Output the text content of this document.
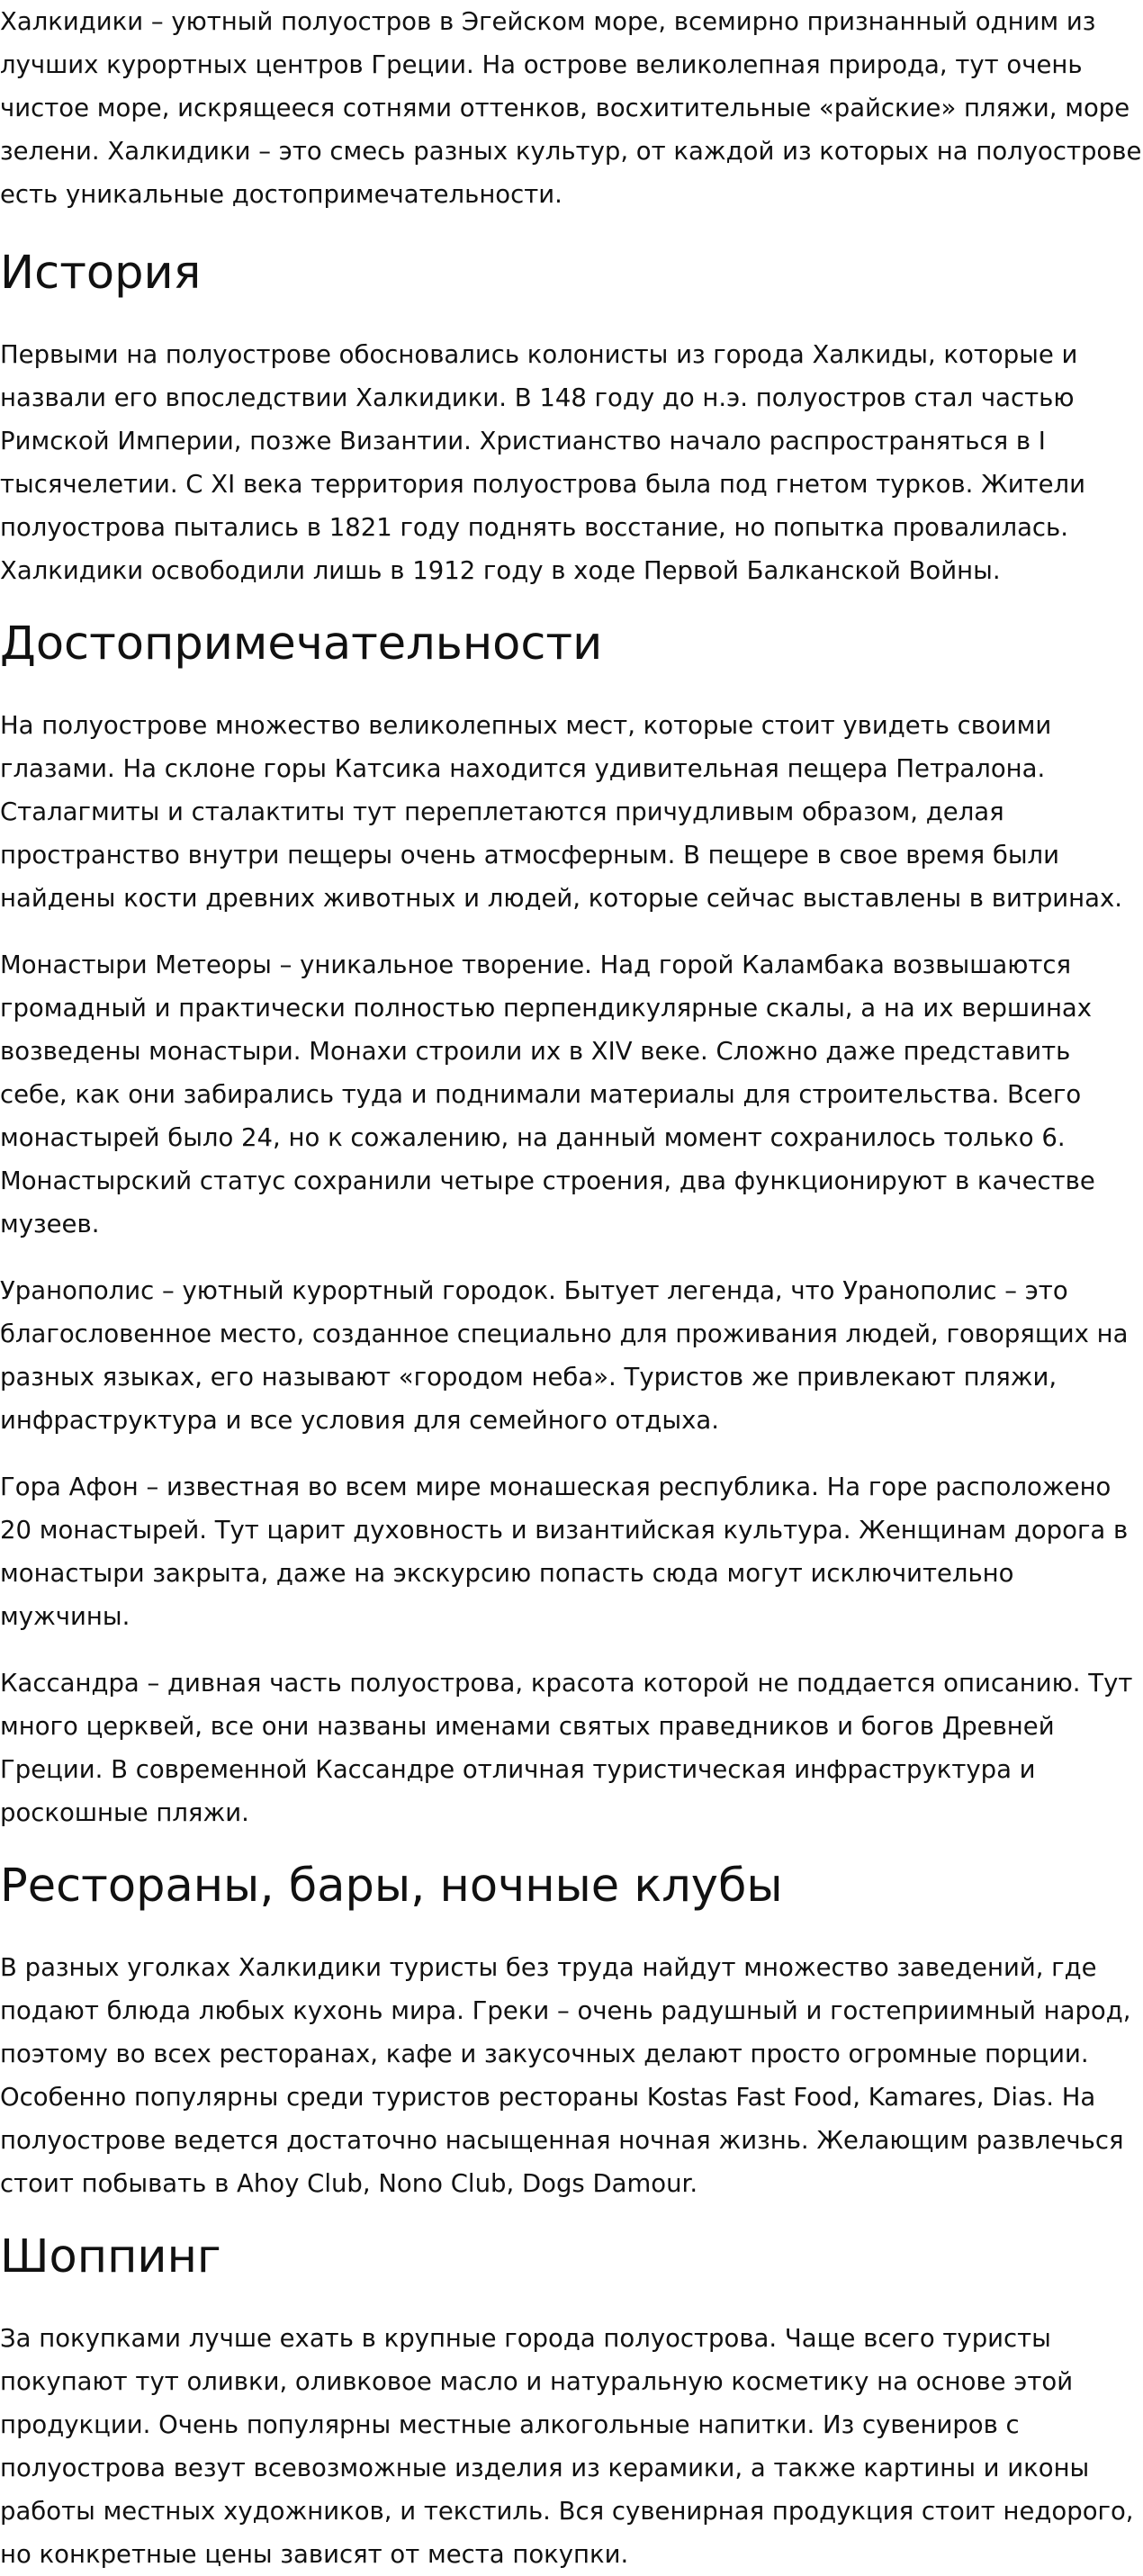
Халкидики – уютный полуостров в Эгейском море, всемирно признанный одним из лучших курортных центров Греции. На острове великолепная природа, тут очень чистое море, искрящееся сотнями оттенков, восхитительные «райские» пляжи, море зелени. Халкидики – это смесь разных культур, от каждой из которых на полуострове есть уникальные достопримечательности.

История

Первыми на полуострове обосновались колонисты из города Халкиды, которые и назвали его впоследствии Халкидики. В 148 году до н.э. полуостров стал частью Римской Империи, позже Византии. Христианство начало распространяться в I тысячелетии. С XI века территория полуострова была под гнетом турков. Жители полуострова пытались в 1821 году поднять восстание, но попытка провалилась. Халкидики освободили лишь в 1912 году в ходе Первой Балканской Войны.

Достопримечательности

На полуострове множество великолепных мест, которые стоит увидеть своими глазами. На склоне горы Катсика находится удивительная пещера Петралона. Сталагмиты и сталактиты тут переплетаются причудливым образом, делая пространство внутри пещеры очень атмосферным. В пещере в свое время были найдены кости древних животных и людей, которые сейчас выставлены в витринах.

Монастыри Метеоры – уникальное творение. Над горой Каламбака возвышаются громадный и практически полностью перпендикулярные скалы, а на их вершинах возведены монастыри. Монахи строили их в XIV веке. Сложно даже представить себе, как они забирались туда и поднимали материалы для строительства. Всего монастырей было 24, но к сожалению, на данный момент сохранилось только 6. Монастырский статус сохранили четыре строения, два функционируют в качестве музеев.

Уранополис – уютный курортный городок. Бытует легенда, что Уранополис – это благословенное место, созданное специально для проживания людей, говорящих на разных языках, его называют «городом неба». Туристов же привлекают пляжи, инфраструктура и все условия для семейного отдыха.

Гора Афон – известная во всем мире монашеская республика. На горе расположено 20 монастырей. Тут царит духовность и византийская культура. Женщинам дорога в монастыри закрыта, даже на экскурсию попасть сюда могут исключительно мужчины.

Кассандра – дивная часть полуострова, красота которой не поддается описанию. Тут много церквей, все они названы именами святых праведников и богов Древней Греции. В современной Кассандре отличная туристическая инфраструктура и роскошные пляжи.

Рестораны, бары, ночные клубы

В разных уголках Халкидики туристы без труда найдут множество заведений, где подают блюда любых кухонь мира. Греки – очень радушный и гостеприимный народ, поэтому во всех ресторанах, кафе и закусочных делают просто огромные порции. Особенно популярны среди туристов рестораны Kostas Fast Food, Kamares, Dias. На полуострове ведется достаточно насыщенная ночная жизнь. Желающим развлечься стоит побывать в Ahoy Club, Nono Club, Dogs Damour.

Шоппинг

За покупками лучше ехать в крупные города полуострова. Чаще всего туристы покупают тут оливки, оливковое масло и натуральную косметику на основе этой продукции. Очень популярны местные алкогольные напитки. Из сувениров с полуострова везут всевозможные изделия из керамики, а также картины и иконы работы местных художников, и текстиль. Вся сувенирная продукция стоит недорого, но конкретные цены зависят от места покупки.
